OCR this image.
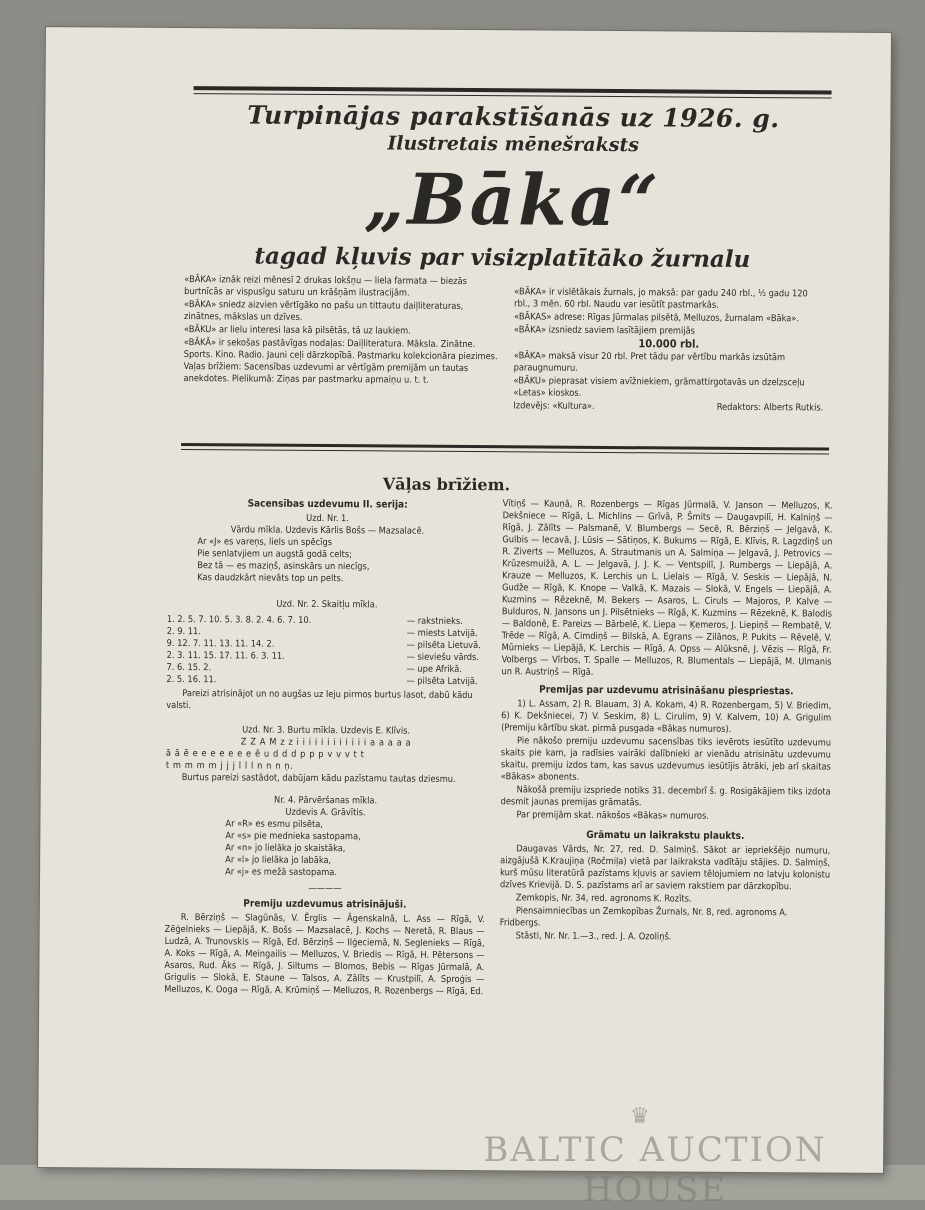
Turpinājas parakstīšanās uz 1926. g.
Ilustretais mēnešraksts
„Bāka“
tagad kļuvis par visizplatītāko žurnalu

«BĀKA» iznāk reizi mēnesī 2 drukas lokšņu — liela farmata — biezās burtnīcās ar vispusīgu saturu un krāšņām ilustracijām.

«BĀKA» sniedz aizvien vērtīgāko no pašu un tittautu daiļliteraturas, zinātnes, mākslas un dzīves.

«BĀKU» ar lielu interesi lasa kā pilsētās, tā uz laukiem.

«BĀKĀ» ir sekošas pastāvīgas nodaļas: Daiļliteratura. Māksla. Zinātne. Sports. Kino. Radio. Jauni ceļi dārzkopībā. Pastmarku kolekcionāra piezimes. Vaļas brīžiem: Sacensības uzdevumi ar vērtīgām premijām un tautas anekdotes. Pielikumā: Ziņas par pastmarku apmaiņu u. t. t.

«BĀKA» ir vislētākais žurnals, jo maksā: par gadu 240 rbl., ½ gadu 120 rbl., 3 mēn. 60 rbl. Naudu var iesūtīt pastmarkās.

«BĀKAS» adrese: Rīgas Jūrmalas pilsētā, Melluzos, žurnalam «Bāka».

«BĀKA» izsniedz saviem lasītājiem premijās

10.000 rbl.

«BĀKA» maksā visur 20 rbl. Pret tādu par vērtību markās izsūtām paraugnumuru.

«BĀKU» pieprasat visiem avīžniekiem, grāmattirgotavās un dzelzsceļu «Letas» kioskos.

Izdevējs: «Kultura».	Redaktors: Alberts Rutkis.

Vāļas brīžiem.
Sacensības uzdevumu II. serija:
Uzd. Nr. 1.
Vārdu mīkla. Uzdevis Kārlis Bošs — Mazsalacē.
Ar «J» es vareņs, liels un spēcīgs
Pie senlatvjiem un augstā godā celts;
Bez tā — es maziņš, asinskārs un niecīgs,
Kas daudzkārt nievāts top un pelts.
Uzd. Nr. 2. Skaitļu mīkla.
1. 2. 5. 7. 10. 5. 3. 8. 2. 4. 6. 7. 10.	— rakstnieks.
2. 9. 11.	— miests Latvijā.
9. 12. 7. 11. 13. 11. 14. 2.	— pilsēta Lietuvā.
2. 3. 11. 15. 17. 11. 6. 3. 11.	— sieviešu vārds.
7. 6. 15. 2.	— upe Afrikā.
2. 5. 16. 11.	— pilsēta Latvijā.

Pareizi atrisinājot un no augšas uz leju pirmos burtus lasot, dabū kādu valsti.

Uzd. Nr. 3. Burtu mīkla. Uzdevis E. Klīvis.
Z Z A M z z i i i i i i i i i i i i a a a a a
ā ā ē e e e e e e e ē u d d d p p p v v v t t
t m m m m j j j l l l n n n ņ.

Burtus pareizi sastādot, dabūjam kādu pazīstamu tautas dziesmu.

Nr. 4. Pārvēršanas mīkla.
Uzdevis A. Grāvītis.
Ar «R» es esmu pilsēta,
Ar «s» pie mednieka sastopama,
Ar «n» jo lielāka jo skaistāka,
Ar «l» jo lielāka jo labāka,
Ar «j» es mežā sastopama.
————
Premiju uzdevumus atrisinājuši.

R. Bērziņš — Slagūnās, V. Ērglis — Āgenskalnā, L. Ass — Rīgā, V. Zēģelnieks — Liepājā, K. Bošs — Mazsalacē, J. Kochs — Neretā, R. Blaus — Ludzā, A. Trunovskis — Rīgā, Ed. Bērziņš — Ilģeciemā, N. Seglenieks — Rīgā, A. Koks — Rīgā, A. Meingailis — Melluzos, V. Briedis — Rīgā, H. Pētersons — Asaros, Rud. Āks — Rīgā, J. Siltums — Blomos, Bebis — Rīgas Jūrmalā, A. Grigulis — Slokā, E. Staune — Talsos, A. Zālīts — Krustpilī, A. Sproģis — Melluzos, K. Ooga — Rīgā, A. Krūmiņš — Melluzos, R. Rozenbergs — Rīgā, Ed.

Vītiņš — Kauņā, R. Rozenbergs — Rīgas Jūrmalā, V. Janson — Melluzos, K. Dekšniece — Rīgā, L. Michlins — Grīvā, P. Šmits — Daugavpilī, H. Kalniņš — Rīgā, J. Zālīts — Palsmanē, V. Blumbergs — Secē, R. Bērziņš — Jelgavā, K. Gulbis — Iecavā, J. Lūsis — Sātiņos, K. Bukums — Rīgā, E. Klīvis, R. Lagzdiņš un R. Ziverts — Melluzos, A. Strautmanis un A. Salmiņa — Jelgavā, J. Petrovics — Krūzesmuižā, A. L. — Jelgavā, J. J. K. — Ventspilī, J. Rumbergs — Liepājā, A. Krauze — Melluzos, K. Lerchis un L. Lielais — Rīgā, V. Seskis — Liepājā, N. Gudže — Rīgā, K. Knope — Valkā, K. Mazais — Slokā, V. Engels — Liepājā, A. Kuzmins — Rēzeknē, M. Bekers — Asaros, L. Ciruls — Majoros, P. Kalve — Bulduros, N. Jansons un J. Pilsētnieks — Rīgā, K. Kuzmins — Rēzeknē, K. Balodis — Baldonē, E. Pareizs — Bārbelē, K. Liepa — Ķemeros, J. Liepiņš — Rembatē, V. Trēde — Rīgā, A. Cimdiņš — Bilskā, A. Egrans — Zilānos, P. Pukits — Rēvelē, V. Mūrnieks — Liepājā, K. Lerchis — Rīgā, A. Opss — Alūksnē, J. Vēzis — Rīgā, Fr. Volbergs — Vīrbos, T. Spalle — Melluzos, R. Blumentals — Liepājā, M. Ulmanis un R. Austriņš — Rīgā.

Premijas par uzdevumu atrisināšanu piespriestas.

1) L. Assam, 2) R. Blauam, 3) A. Kokam, 4) R. Rozenbergam, 5) V. Briedim, 6) K. Dekšniecei, 7) V. Seskim, 8) L. Cirulim, 9) V. Kalvem, 10) A. Grigulim (Premiju kārtību skat. pirmā pusgada «Bākas numuros).

Pie nākošo premiju uzdevumu sacensības tiks ievērots iesūtīto uzdevumu skaits pie kam, ja radīsies vairāki dalībnieki ar vienādu atrisinātu uzdevumu skaitu, premiju izdos tam, kas savus uzdevumus iesūtījis ātrāki, jeb arī skaitas «Bākas» abonents.

Nākošā premiju izspriede notiks 31. decembrī š. g. Rosigākājiem tiks izdota desmit jaunas premijas grāmatās.

Par premijām skat. nākošos «Bākas» numuros.

Grāmatu un laikrakstu plaukts.

Daugavas Vārds, Nr. 27, red. D. Salmiņš. Sākot ar iepriekšējo numuru, aizgājušā K.Kraujiņa (Ročmiļa) vietā par laikraksta vadītāju stājies. D. Salmiņš, kurš mūsu literatūrā pazīstams kļuvis ar saviem tēlojumiem no latvju kolonistu dzīves Krievijā. D. S. pazīstams arī ar saviem rakstiem par dārzkopību.

Zemkopis, Nr. 34, red. agronoms K. Rozīts.

Piensaimniecības un Zemkopības Žurnals, Nr. 8, red. agronoms A. Fridbergs.

Stāsti, Nr. Nr. 1.—3., red. J. A. Ozoliņš.

♛
BALTIC AUCTION HOUSE
